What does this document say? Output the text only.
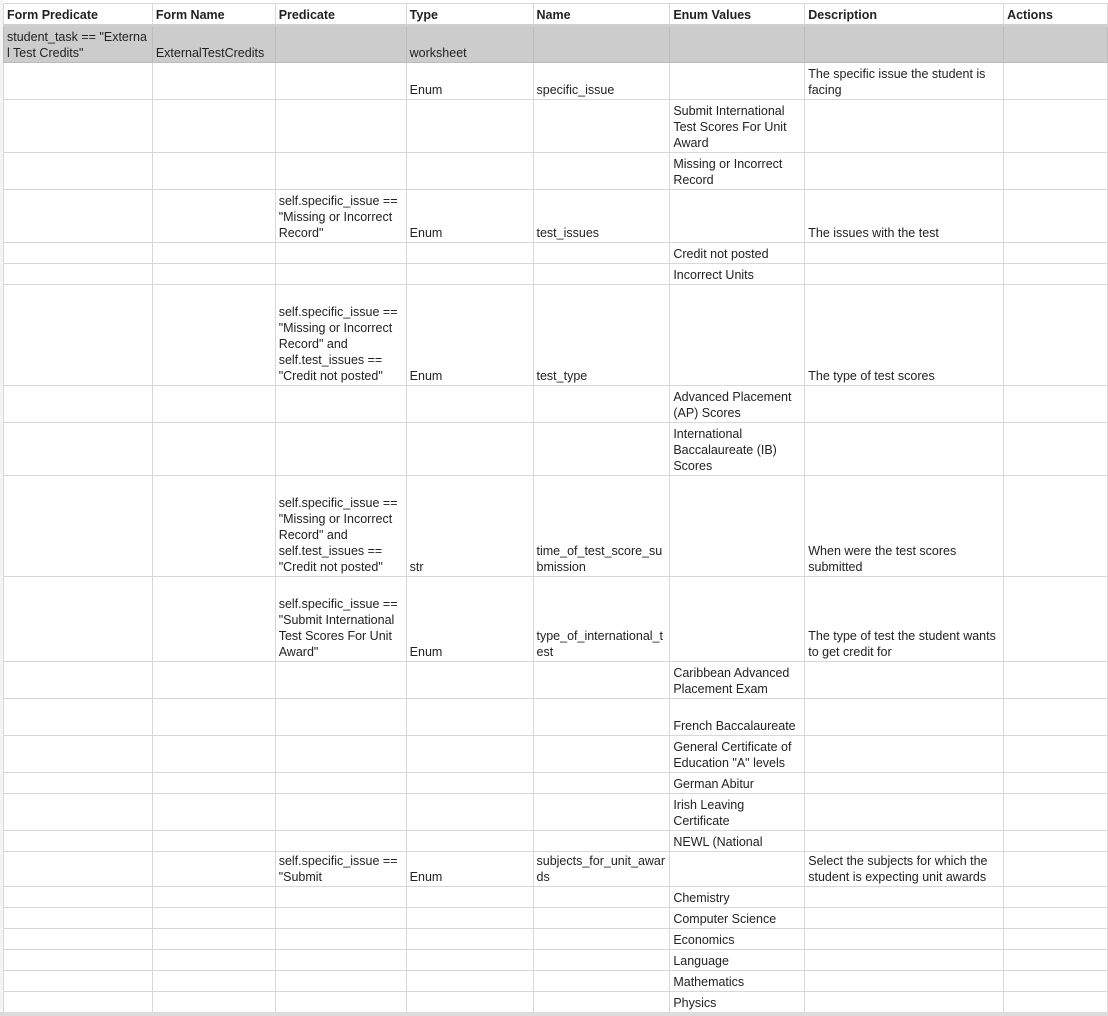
Form Predicate	Form Name	Predicate	Type	Name	Enum Values	Description	Actions
student_task == "External Test Credits"	ExternalTestCredits		worksheet				
			Enum	specific_issue		The specific issue the student is facing	
					Submit International Test Scores For Unit Award		
					Missing or Incorrect Record		
		self.specific_issue == "Missing or Incorrect Record"	Enum	test_issues		The issues with the test	
					Credit not posted		
					Incorrect Units		
		self.specific_issue == "Missing or Incorrect Record" and self.test_issues == "Credit not posted"	Enum	test_type		The type of test scores	
					Advanced Placement (AP) Scores		
					International Baccalaureate (IB) Scores		
		self.specific_issue == "Missing or Incorrect Record" and self.test_issues == "Credit not posted"	str	time_of_test_score_submission		When were the test scores submitted	
		self.specific_issue == "Submit International Test Scores For Unit Award"	Enum	type_of_international_test		The type of test the student wants to get credit for	
					Caribbean Advanced Placement Exam		
					French Baccalaureate		
					General Certificate of Education "A" levels		
					German Abitur		
					Irish Leaving Certificate		
					NEWL (National		
		self.specific_issue == "Submit	Enum	subjects_for_unit_awards		Select the subjects for which the student is expecting unit awards	
					Chemistry		
					Computer Science		
					Economics		
					Language		
					Mathematics		
					Physics		
